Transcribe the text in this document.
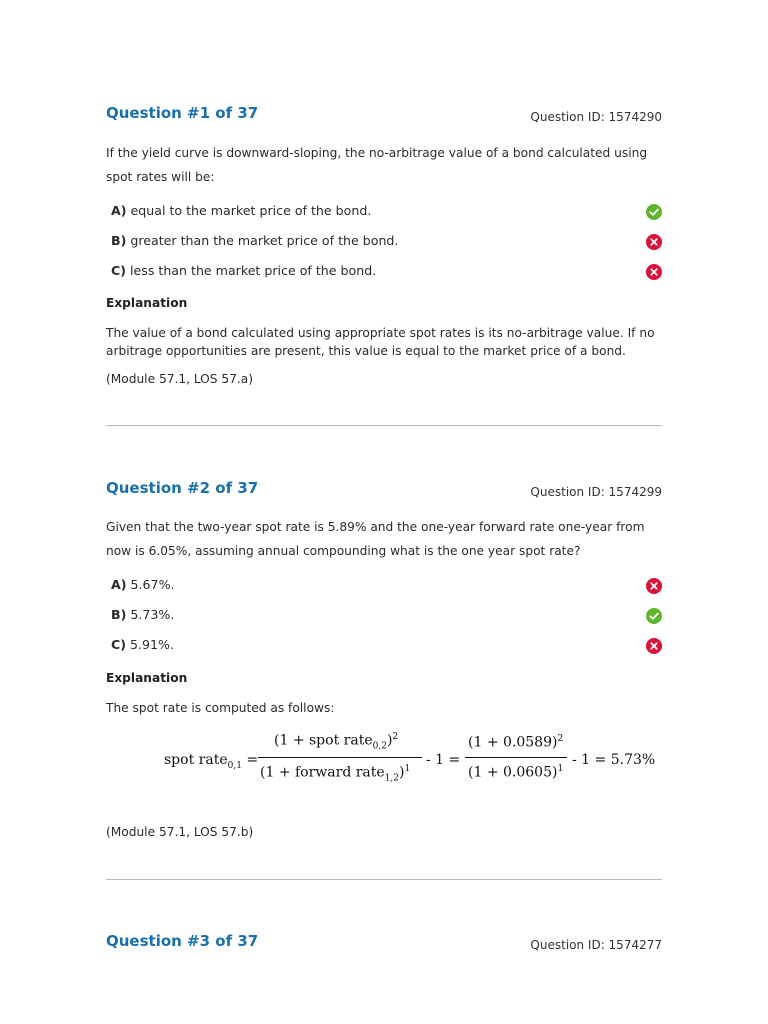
Question #1 of 37	Question ID: 1574290
If the yield curve is downward-sloping, the no-arbitrage value of a bond calculated using spot rates will be:
A) equal to the market price of the bond.
B) greater than the market price of the bond.
C) less than the market price of the bond.
Explanation
The value of a bond calculated using appropriate spot rates is its no-arbitrage value. If no arbitrage opportunities are present, this value is equal to the market price of a bond.
(Module 57.1, LOS 57.a)
Question #2 of 37	Question ID: 1574299
Given that the two-year spot rate is 5.89% and the one-year forward rate one-year from now is 6.05%, assuming annual compounding what is the one year spot rate?
A) 5.67%.
B) 5.73%.
C) 5.91%.
Explanation
The spot rate is computed as follows:
spot rate$_{0,1}$ =
(1 + spot rate$_{0,2}$)$^2$
(1 + forward rate$_{1,2}$)$^1$
- 1 =
$(1 + 0.0589)^2$
$(1 + 0.0605)^1$
- 1 = 5.73%
(Module 57.1, LOS 57.b)
Question #3 of 37	Question ID: 1574277
